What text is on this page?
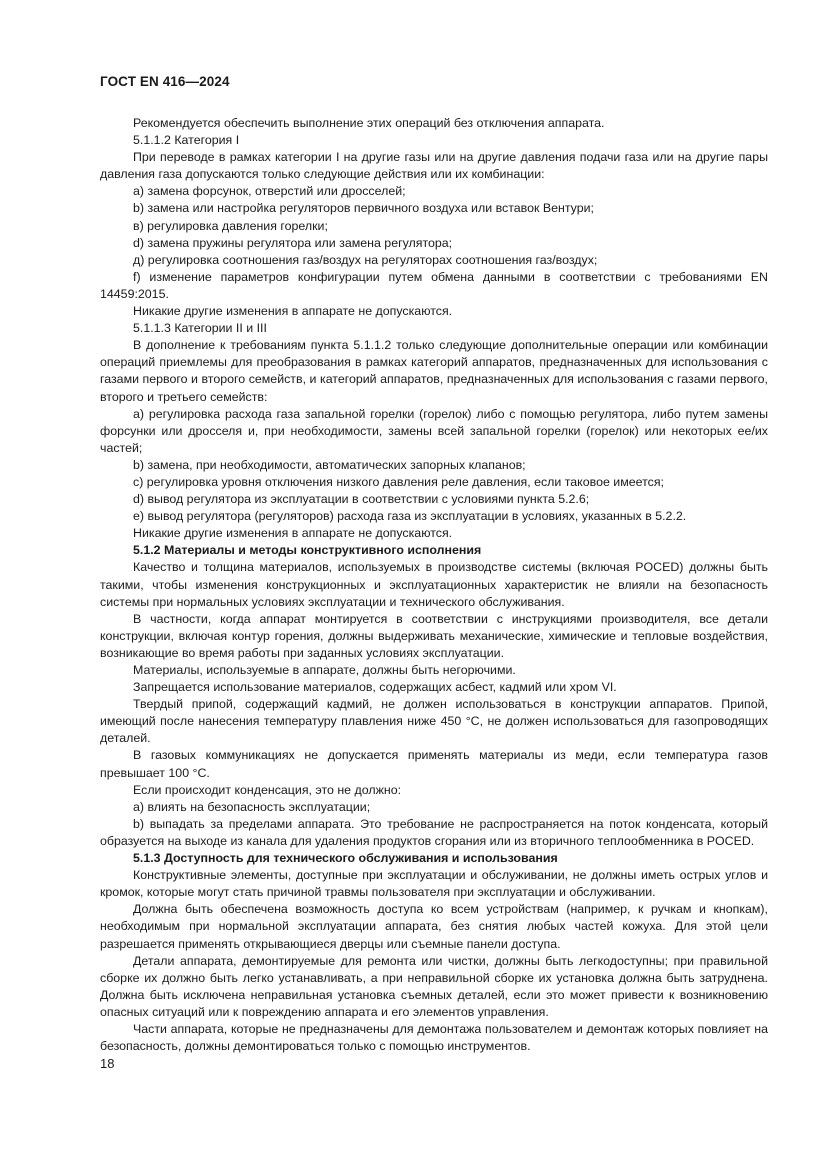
ГОСТ EN 416—2024

Рекомендуется обеспечить выполнение этих операций без отключения аппарата.

5.1.1.2 Категория I

При переводе в рамках категории I на другие газы или на другие давления подачи газа или на другие пары давления газа допускаются только следующие действия или их комбинации:

а) замена форсунок, отверстий или дросселей;

b) замена или настройка регуляторов первичного воздуха или вставок Вентури;

в) регулировка давления горелки;

d) замена пружины регулятора или замена регулятора;

д) регулировка соотношения газ/воздух на регуляторах соотношения газ/воздух;

f) изменение параметров конфигурации путем обмена данными в соответствии с требованиями EN 14459:2015.

Никакие другие изменения в аппарате не допускаются.

5.1.1.3 Категории II и III

В дополнение к требованиям пункта 5.1.1.2 только следующие дополнительные операции или комбинации операций приемлемы для преобразования в рамках категорий аппаратов, предназначенных для использования с газами первого и второго семейств, и категорий аппаратов, предназначенных для использования с газами первого, второго и третьего семейств:

а) регулировка расхода газа запальной горелки (горелок) либо с помощью регулятора, либо путем замены форсунки или дросселя и, при необходимости, замены всей запальной горелки (горелок) или некоторых ее/их частей;

b) замена, при необходимости, автоматических запорных клапанов;

c) регулировка уровня отключения низкого давления реле давления, если таковое имеется;

d) вывод регулятора из эксплуатации в соответствии с условиями пункта 5.2.6;

e) вывод регулятора (регуляторов) расхода газа из эксплуатации в условиях, указанных в 5.2.2.

Никакие другие изменения в аппарате не допускаются.

5.1.2 Материалы и методы конструктивного исполнения

Качество и толщина материалов, используемых в производстве системы (включая POCED) должны быть такими, чтобы изменения конструкционных и эксплуатационных характеристик не влияли на безопасность системы при нормальных условиях эксплуатации и технического обслуживания.

В частности, когда аппарат монтируется в соответствии с инструкциями производителя, все детали конструкции, включая контур горения, должны выдерживать механические, химические и тепловые воздействия, возникающие во время работы при заданных условиях эксплуатации.

Материалы, используемые в аппарате, должны быть негорючими.

Запрещается использование материалов, содержащих асбест, кадмий или хром VI.

Твердый припой, содержащий кадмий, не должен использоваться в конструкции аппаратов. Припой, имеющий после нанесения температуру плавления ниже 450 °C, не должен использоваться для газопроводящих деталей.

В газовых коммуникациях не допускается применять материалы из меди, если температура газов превышает 100 °C.

Если происходит конденсация, это не должно:

а) влиять на безопасность эксплуатации;

b) выпадать за пределами аппарата. Это требование не распространяется на поток конденсата, который образуется на выходе из канала для удаления продуктов сгорания или из вторичного теплообменника в POCED.

5.1.3 Доступность для технического обслуживания и использования

Конструктивные элементы, доступные при эксплуатации и обслуживании, не должны иметь острых углов и кромок, которые могут стать причиной травмы пользователя при эксплуатации и обслуживании.

Должна быть обеспечена возможность доступа ко всем устройствам (например, к ручкам и кнопкам), необходимым при нормальной эксплуатации аппарата, без снятия любых частей кожуха. Для этой цели разрешается применять открывающиеся дверцы или съемные панели доступа.

Детали аппарата, демонтируемые для ремонта или чистки, должны быть легкодоступны; при правильной сборке их должно быть легко устанавливать, а при неправильной сборке их установка должна быть затруднена. Должна быть исключена неправильная установка съемных деталей, если это может привести к возникновению опасных ситуаций или к повреждению аппарата и его элементов управления.

Части аппарата, которые не предназначены для демонтажа пользователем и демонтаж которых повлияет на безопасность, должны демонтироваться только с помощью инструментов.

18
